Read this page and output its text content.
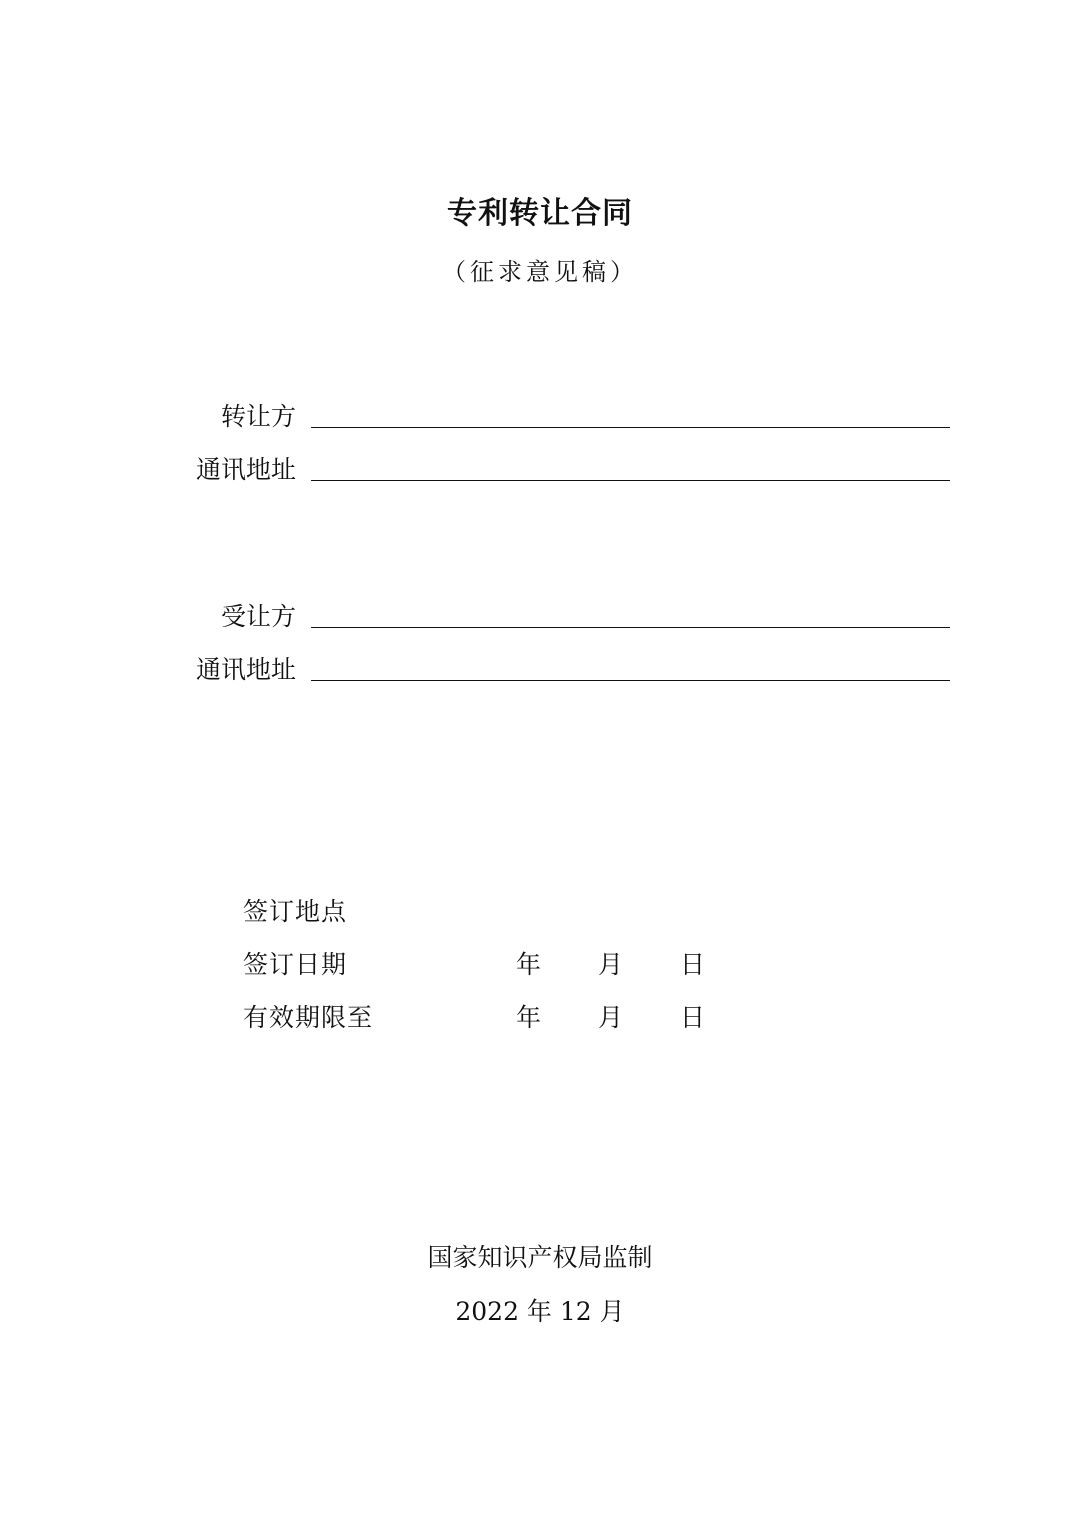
专利转让合同
（征求意见稿）
转让方
通讯地址
受让方
通讯地址
签订地点
签订日期	年 月 日
有效期限至	年 月 日
国家知识产权局监制
2022 年 12 月
